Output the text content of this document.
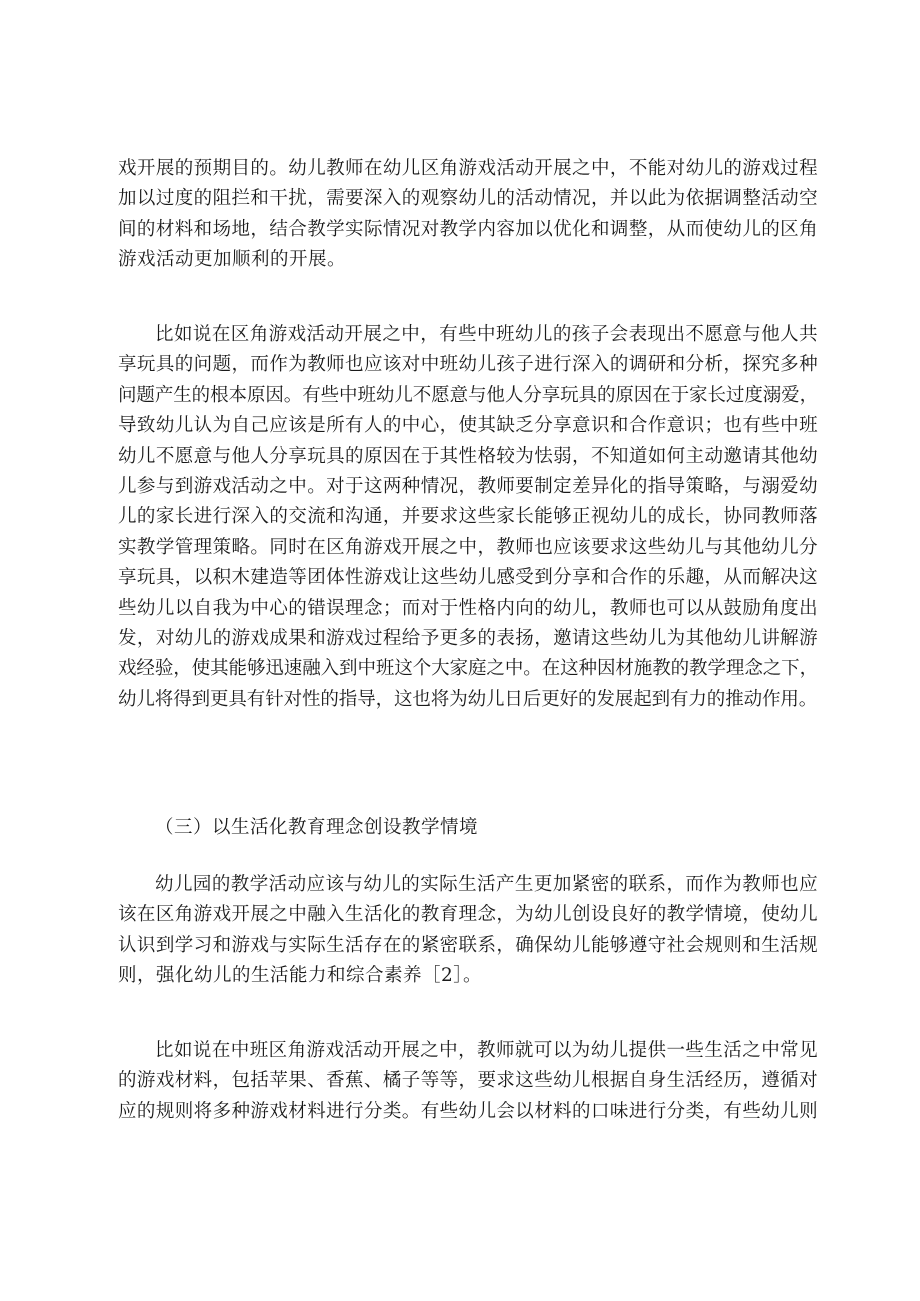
戏开展的预期目的。幼儿教师在幼儿区角游戏活动开展之中，不能对幼儿的游戏过程
加以过度的阻拦和干扰，需要深入的观察幼儿的活动情况，并以此为依据调整活动空
间的材料和场地，结合教学实际情况对教学内容加以优化和调整，从而使幼儿的区角
游戏活动更加顺利的开展。
比如说在区角游戏活动开展之中，有些中班幼儿的孩子会表现出不愿意与他人共
享玩具的问题，而作为教师也应该对中班幼儿孩子进行深入的调研和分析，探究多种
问题产生的根本原因。有些中班幼儿不愿意与他人分享玩具的原因在于家长过度溺爱，
导致幼儿认为自己应该是所有人的中心，使其缺乏分享意识和合作意识；也有些中班
幼儿不愿意与他人分享玩具的原因在于其性格较为怯弱，不知道如何主动邀请其他幼
儿参与到游戏活动之中。对于这两种情况，教师要制定差异化的指导策略，与溺爱幼
儿的家长进行深入的交流和沟通，并要求这些家长能够正视幼儿的成长，协同教师落
实教学管理策略。同时在区角游戏开展之中，教师也应该要求这些幼儿与其他幼儿分
享玩具，以积木建造等团体性游戏让这些幼儿感受到分享和合作的乐趣，从而解决这
些幼儿以自我为中心的错误理念；而对于性格内向的幼儿，教师也可以从鼓励角度出
发，对幼儿的游戏成果和游戏过程给予更多的表扬，邀请这些幼儿为其他幼儿讲解游
戏经验，使其能够迅速融入到中班这个大家庭之中。在这种因材施教的教学理念之下，
幼儿将得到更具有针对性的指导，这也将为幼儿日后更好的发展起到有力的推动作用。
（三）以生活化教育理念创设教学情境
幼儿园的教学活动应该与幼儿的实际生活产生更加紧密的联系，而作为教师也应
该在区角游戏开展之中融入生活化的教育理念，为幼儿创设良好的教学情境，使幼儿
认识到学习和游戏与实际生活存在的紧密联系，确保幼儿能够遵守社会规则和生活规
则，强化幼儿的生活能力和综合素养［2］。
比如说在中班区角游戏活动开展之中，教师就可以为幼儿提供一些生活之中常见
的游戏材料，包括苹果、香蕉、橘子等等，要求这些幼儿根据自身生活经历，遵循对
应的规则将多种游戏材料进行分类。有些幼儿会以材料的口味进行分类，有些幼儿则
